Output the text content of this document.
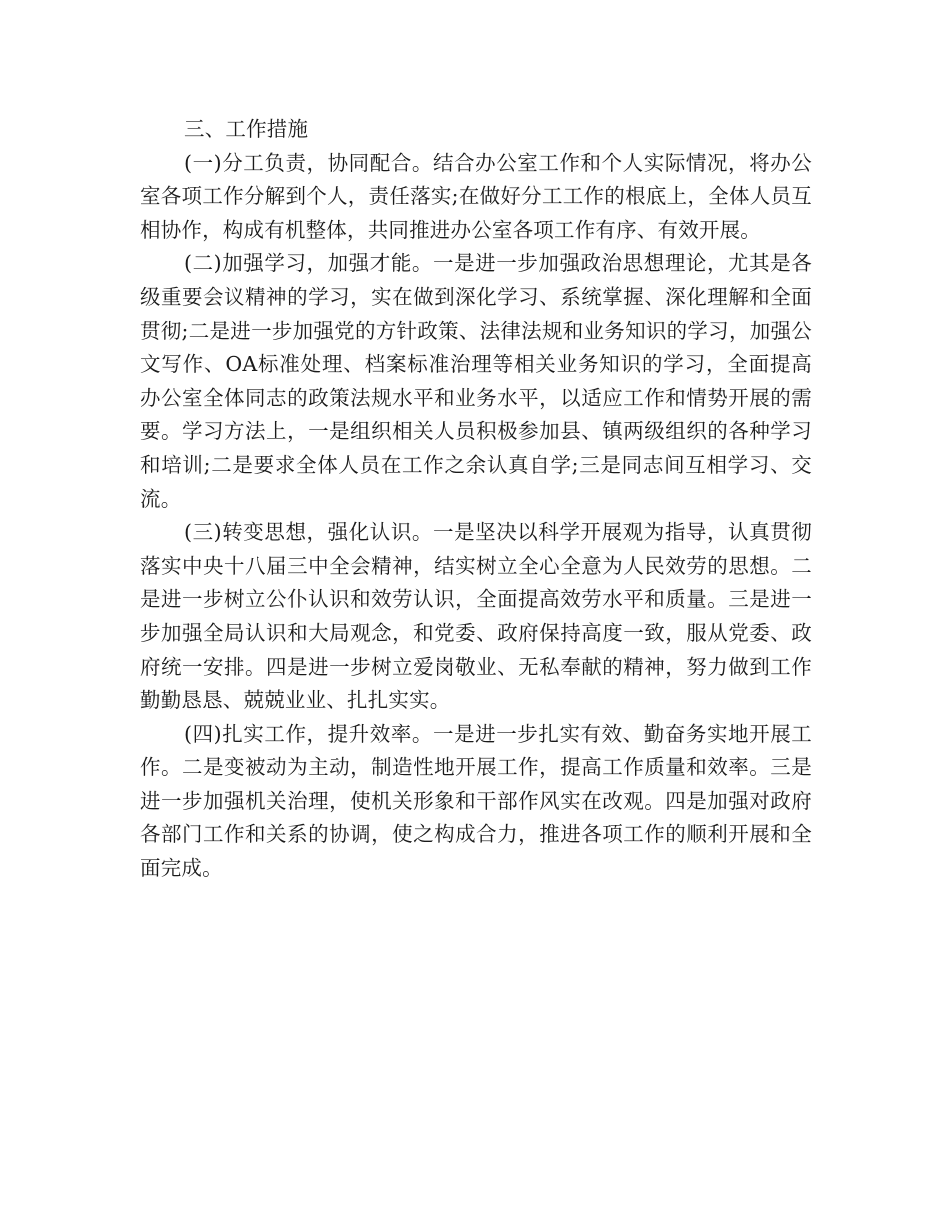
三、工作措施

(一)分工负责，协同配合。结合办公室工作和个人实际情况，将办公室各项工作分解到个人，责任落实;在做好分工工作的根底上，全体人员互相协作，构成有机整体，共同推进办公室各项工作有序、有效开展。

(二)加强学习，加强才能。一是进一步加强政治思想理论，尤其是各级重要会议精神的学习，实在做到深化学习、系统掌握、深化理解和全面贯彻;二是进一步加强党的方针政策、法律法规和业务知识的学习，加强公文写作、OA标准处理、档案标准治理等相关业务知识的学习，全面提高办公室全体同志的政策法规水平和业务水平，以适应工作和情势开展的需要。学习方法上，一是组织相关人员积极参加县、镇两级组织的各种学习和培训;二是要求全体人员在工作之余认真自学;三是同志间互相学习、交流。

(三)转变思想，强化认识。一是坚决以科学开展观为指导，认真贯彻落实中央十八届三中全会精神，结实树立全心全意为人民效劳的思想。二是进一步树立公仆认识和效劳认识，全面提高效劳水平和质量。三是进一步加强全局认识和大局观念，和党委、政府保持高度一致，服从党委、政府统一安排。四是进一步树立爱岗敬业、无私奉献的精神，努力做到工作勤勤恳恳、兢兢业业、扎扎实实。

(四)扎实工作，提升效率。一是进一步扎实有效、勤奋务实地开展工作。二是变被动为主动，制造性地开展工作，提高工作质量和效率。三是进一步加强机关治理，使机关形象和干部作风实在改观。四是加强对政府各部门工作和关系的协调，使之构成合力，推进各项工作的顺利开展和全面完成。
